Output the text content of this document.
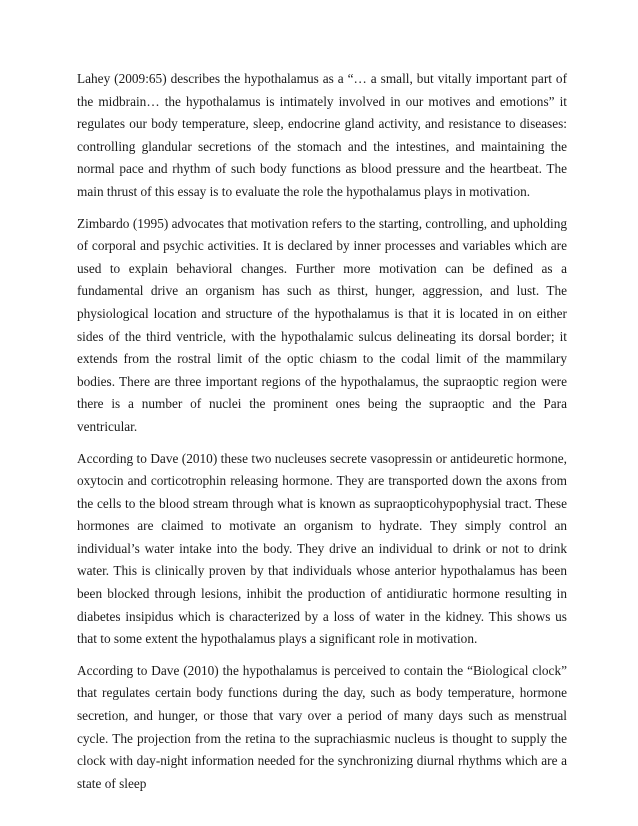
Lahey (2009:65) describes the hypothalamus as a “… a small, but vitally important part of the midbrain… the hypothalamus is intimately involved in our motives and emotions” it regulates our body temperature, sleep, endocrine gland activity, and resistance to diseases: controlling glandular secretions of the stomach and the intestines, and maintaining the normal pace and rhythm of such body functions as blood pressure and the heartbeat. The main thrust of this essay is to evaluate the role the hypothalamus plays in motivation.

Zimbardo (1995) advocates that motivation refers to the starting, controlling, and upholding of corporal and psychic activities. It is declared by inner processes and variables which are used to explain behavioral changes. Further more motivation can be defined as a fundamental drive an organism has such as thirst, hunger, aggression, and lust. The physiological location and structure of the hypothalamus is that it is located in on either sides of the third ventricle, with the hypothalamic sulcus delineating its dorsal border; it extends from the rostral limit of the optic chiasm to the codal limit of the mammilary bodies. There are three important regions of the hypothalamus, the supraoptic region were there is a number of nuclei the prominent ones being the supraoptic and the Para ventricular.

According to Dave (2010) these two nucleuses secrete vasopressin or antideuretic hormone, oxytocin and corticotrophin releasing hormone. They are transported down the axons from the cells to the blood stream through what is known as supraopticohypophysial tract. These hormones are claimed to motivate an organism to hydrate. They simply control an individual’s water intake into the body. They drive an individual to drink or not to drink water. This is clinically proven by that individuals whose anterior hypothalamus has been been blocked through lesions, inhibit the production of antidiuratic hormone resulting in diabetes insipidus which is characterized by a loss of water in the kidney. This shows us that to some extent the hypothalamus plays a significant role in motivation.

According to Dave (2010) the hypothalamus is perceived to contain the “Biological clock” that regulates certain body functions during the day, such as body temperature, hormone secretion, and hunger, or those that vary over a period of many days such as menstrual cycle. The projection from the retina to the suprachiasmic nucleus is thought to supply the clock with day-night information needed for the synchronizing diurnal rhythms which are a state of sleep
